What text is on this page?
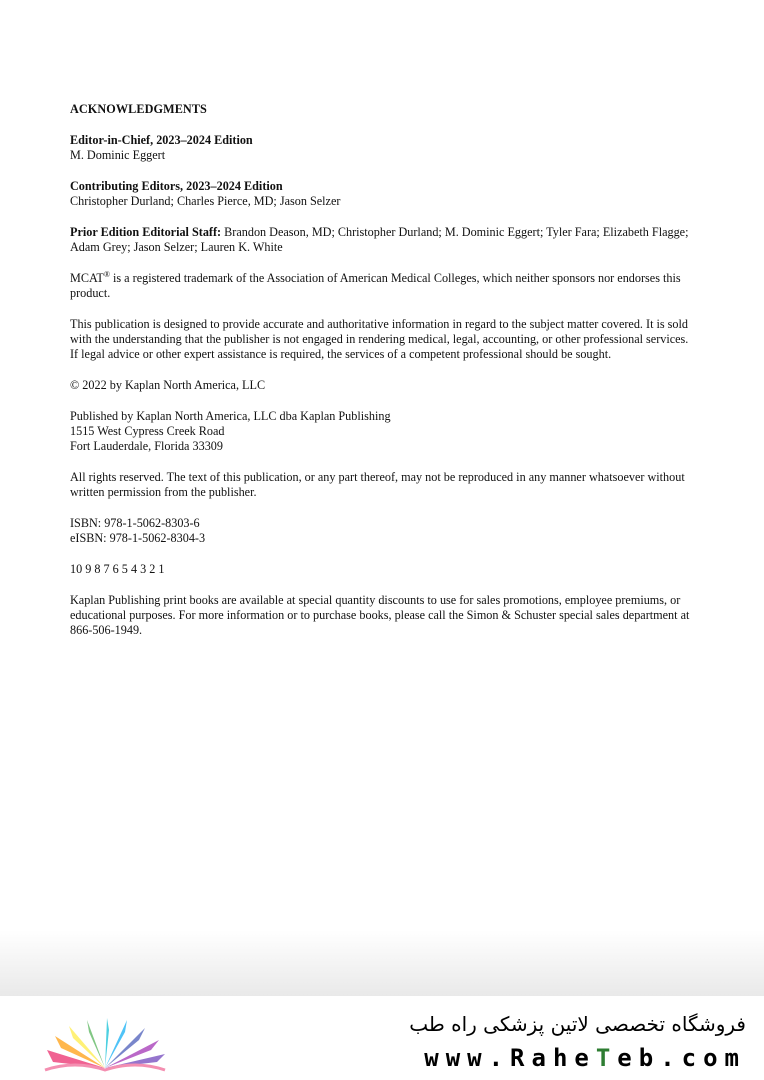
ACKNOWLEDGMENTS
Editor-in-Chief, 2023–2024 Edition
M. Dominic Eggert
Contributing Editors, 2023–2024 Edition
Christopher Durland; Charles Pierce, MD; Jason Selzer
Prior Edition Editorial Staff: Brandon Deason, MD; Christopher Durland; M. Dominic Eggert; Tyler Fara; Elizabeth Flagge;
Adam Grey; Jason Selzer; Lauren K. White
MCAT® is a registered trademark of the Association of American Medical Colleges, which neither sponsors nor endorses this
product.
This publication is designed to provide accurate and authoritative information in regard to the subject matter covered. It is sold
with the understanding that the publisher is not engaged in rendering medical, legal, accounting, or other professional services.
If legal advice or other expert assistance is required, the services of a competent professional should be sought.
© 2022 by Kaplan North America, LLC
Published by Kaplan North America, LLC dba Kaplan Publishing
1515 West Cypress Creek Road
Fort Lauderdale, Florida 33309
All rights reserved. The text of this publication, or any part thereof, may not be reproduced in any manner whatsoever without
written permission from the publisher.
ISBN: 978-1-5062-8303-6
eISBN: 978-1-5062-8304-3
10 9 8 7 6 5 4 3 2 1
Kaplan Publishing print books are available at special quantity discounts to use for sales promotions, employee premiums, or
educational purposes. For more information or to purchase books, please call the Simon & Schuster special sales department at
866-506-1949.
فروشگاه تخصصی لاتین پزشکی راه طب
www.RaheTeb.com
